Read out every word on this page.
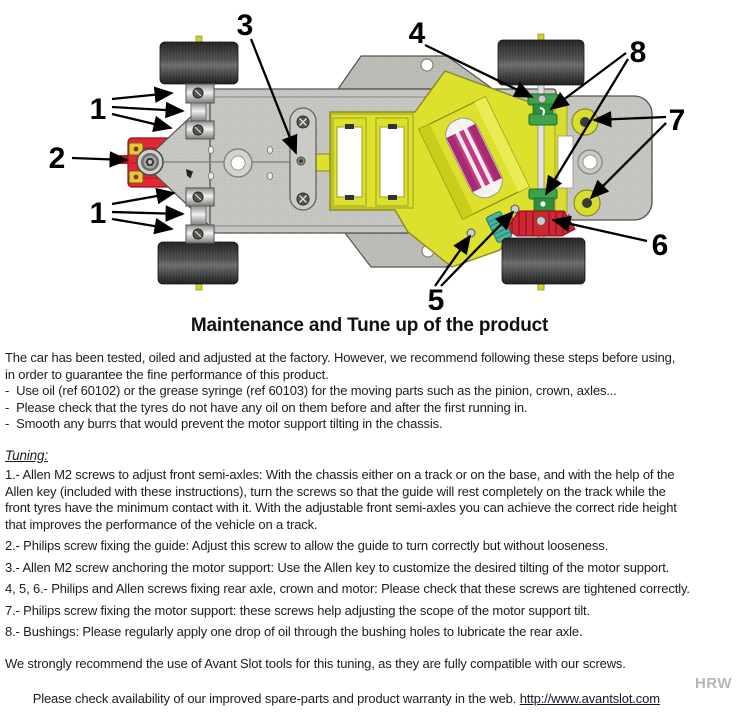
1
2
3
1
4
5
6
7
8
Maintenance and Tune up of the product
The car has been tested, oiled and adjusted at the factory. However, we recommend following these steps before using,
in order to guarantee the fine performance of this product.
-  Use oil (ref 60102) or the grease syringe (ref 60103) for the moving parts such as the pinion, crown, axles...
-  Please check that the tyres do not have any oil on them before and after the first running in.
-  Smooth any burrs that would prevent the motor support tilting in the chassis.
Tuning:
1.- Allen M2 screws to adjust front semi-axles: With the chassis either on a track or on the base, and with the help of the
Allen key (included with these instructions), turn the screws so that the guide will rest completely on the track while the
front tyres have the minimum contact with it. With the adjustable front semi-axles you can achieve the correct ride height
that improves the performance of the vehicle on a track.
2.- Philips screw fixing the guide: Adjust this screw to allow the guide to turn correctly but without looseness.
3.- Allen M2 screw anchoring the motor support: Use the Allen key to customize the desired tilting of the motor support.
4, 5, 6.- Philips and Allen screws fixing rear axle, crown and motor: Please check that these screws are tightened correctly.
7.- Philips screw fixing the motor support: these screws help adjusting the scope of the motor support tilt.
8.- Bushings: Please regularly apply one drop of oil through the bushing holes to lubricate the rear axle.
We strongly recommend the use of Avant Slot tools for this tuning, as they are fully compatible with our screws.

Please check availability of our improved spare-parts and product warranty in the web. http://www.avantslot.com

HRW
